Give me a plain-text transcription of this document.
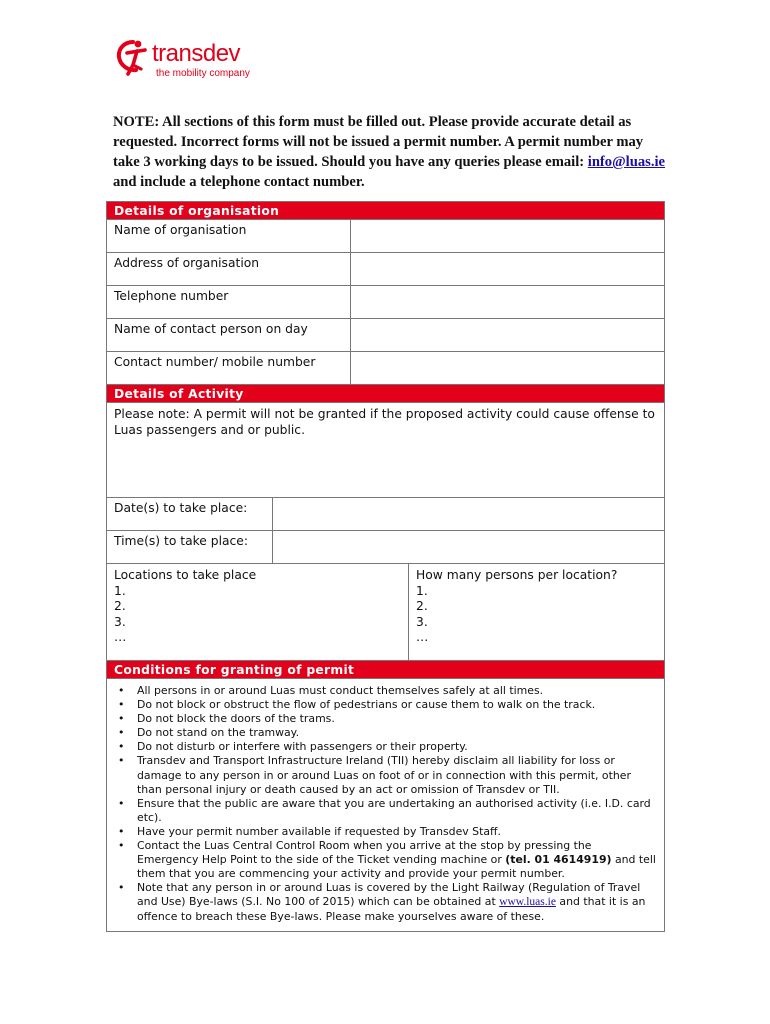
transdev
the mobility company
NOTE: All sections of this form must be filled out. Please provide accurate detail as requested. Incorrect forms will not be issued a permit number. A permit number may take 3 working days to be issued. Should you have any queries please email: info@luas.ie and include a telephone contact number.
Details of organisation
Name of organisation
Address of organisation
Telephone number
Name of contact person on day
Contact number/ mobile number
Details of Activity
Please note: A permit will not be granted if the proposed activity could cause offense to Luas passengers and or public.
Date(s) to take place:
Time(s) to take place:
Locations to take place
1.
2.
3.
…
How many persons per location?
1.
2.
3.
…
Conditions for granting of permit
• All persons in or around Luas must conduct themselves safely at all times.
• Do not block or obstruct the flow of pedestrians or cause them to walk on the track.
• Do not block the doors of the trams.
• Do not stand on the tramway.
• Do not disturb or interfere with passengers or their property.
• Transdev and Transport Infrastructure Ireland (TII) hereby disclaim all liability for loss or damage to any person in or around Luas on foot of or in connection with this permit, other than personal injury or death caused by an act or omission of Transdev or TII.
• Ensure that the public are aware that you are undertaking an authorised activity (i.e. I.D. card etc).
• Have your permit number available if requested by Transdev Staff.
• Contact the Luas Central Control Room when you arrive at the stop by pressing the Emergency Help Point to the side of the Ticket vending machine or (tel. 01 4614919) and tell them that you are commencing your activity and provide your permit number.
• Note that any person in or around Luas is covered by the Light Railway (Regulation of Travel and Use) Bye-laws (S.I. No 100 of 2015) which can be obtained at www.luas.ie and that it is an offence to breach these Bye-laws. Please make yourselves aware of these.
